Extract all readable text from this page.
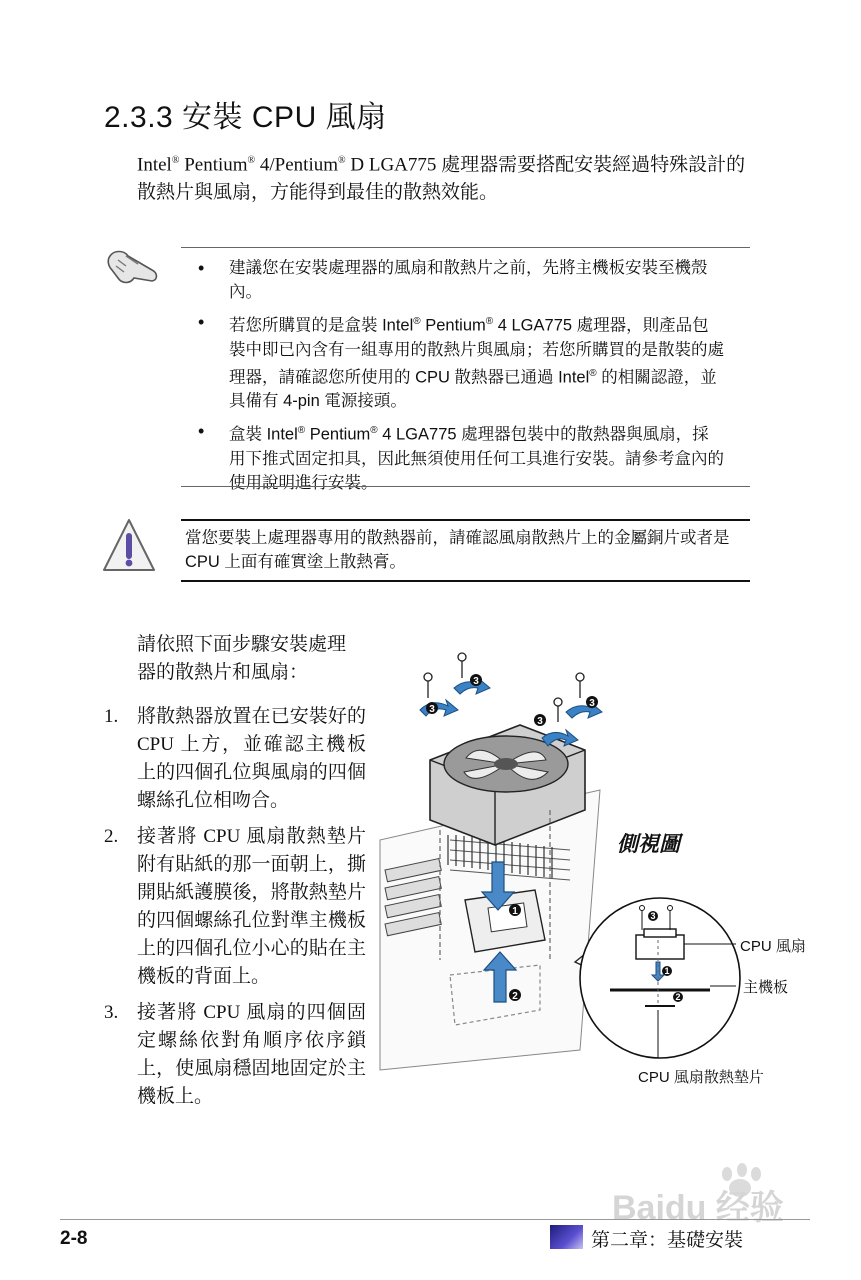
2.3.3 安裝 CPU 風扇
Intel® Pentium® 4/Pentium® D LGA775 處理器需要搭配安裝經過特殊設計的散熱片與風扇，方能得到最佳的散熱效能。
• 建議您在安裝處理器的風扇和散熱片之前，先將主機板安裝至機殼內。
• 若您所購買的是盒裝 Intel® Pentium® 4 LGA775 處理器，則產品包裝中即已內含有一組專用的散熱片與風扇；若您所購買的是散裝的處理器，請確認您所使用的 CPU 散熱器已通過 Intel® 的相關認證，並具備有 4-pin 電源接頭。
• 盒裝 Intel® Pentium® 4 LGA775 處理器包裝中的散熱器與風扇，採用下推式固定扣具，因此無須使用任何工具進行安裝。請參考盒內的使用說明進行安裝。
當您要裝上處理器專用的散熱器前，請確認風扇散熱片上的金屬銅片或者是 CPU 上面有確實塗上散熱膏。
請依照下面步驟安裝處理器的散熱片和風扇：
1. 將散熱器放置在已安裝好的 CPU 上方，並確認主機板上的四個孔位與風扇的四個螺絲孔位相吻合。
2. 接著將 CPU 風扇散熱墊片附有貼紙的那一面朝上，撕開貼紙護膜後，將散熱墊片的四個螺絲孔位對準主機板上的四個孔位小心的貼在主機板的背面上。
3. 接著將 CPU 風扇的四個固定螺絲依對角順序依序鎖上，使風扇穩固地固定於主機板上。
3
3
3
3
1
2
3
1
2
側視圖
CPU 風扇
主機板
CPU 風扇散熱墊片
Baidu 经验
2-8	第二章：基礎安裝
